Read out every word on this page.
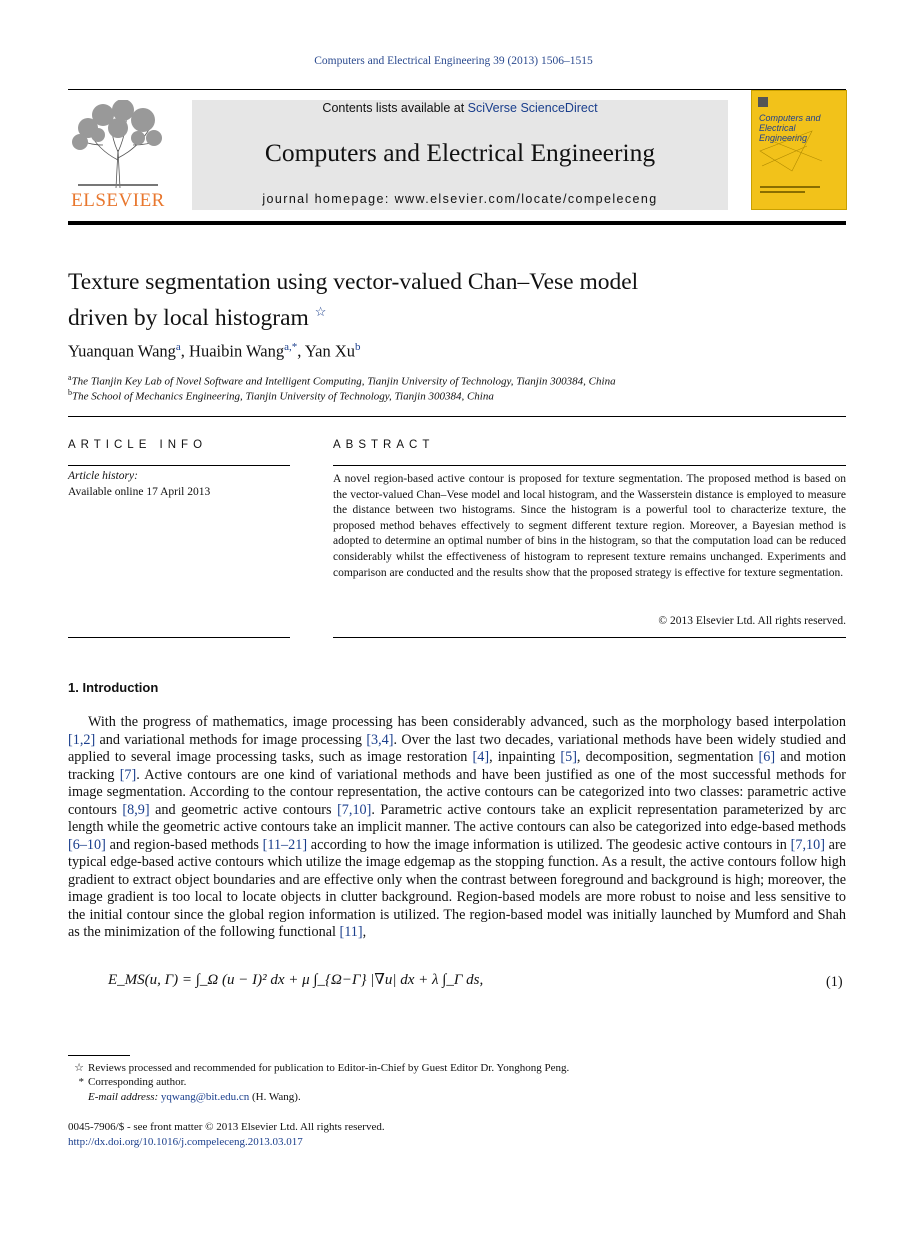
Computers and Electrical Engineering 39 (2013) 1506–1515
ELSEVIER
Contents lists available at SciVerse ScienceDirect
Computers and Electrical Engineering
journal homepage: www.elsevier.com/locate/compeleceng
Computers and
Electrical Engineering
Texture segmentation using vector-valued Chan–Vese model
driven by local histogram ☆
Yuanquan Wang$^a$, Huaibin Wang$^{a,*}$, Yan Xu$^b$
$^a$The Tianjin Key Lab of Novel Software and Intelligent Computing, Tianjin University of Technology, Tianjin 300384, China
$^b$The School of Mechanics Engineering, Tianjin University of Technology, Tianjin 300384, China
ARTICLE INFO
Article history:
Available online 17 April 2013
ABSTRACT
A novel region-based active contour is proposed for texture segmentation. The proposed method is based on the vector-valued Chan–Vese model and local histogram, and the Wasserstein distance is employed to measure the distance between two histograms. Since the histogram is a powerful tool to characterize texture, the proposed method behaves effectively to segment different texture region. Moreover, a Bayesian method is adopted to determine an optimal number of bins in the histogram, so that the computation load can be reduced considerably whilst the effectiveness of histogram to represent texture remains unchanged. Experiments and comparison are conducted and the results show that the proposed strategy is effective for texture segmentation.
© 2013 Elsevier Ltd. All rights reserved.
1. Introduction

With the progress of mathematics, image processing has been considerably advanced, such as the morphology based interpolation [1,2] and variational methods for image processing [3,4]. Over the last two decades, variational methods have been widely studied and applied to several image processing tasks, such as image restoration [4], inpainting [5], decomposition, segmentation [6] and motion tracking [7]. Active contours are one kind of variational methods and have been justified as one of the most successful methods for image segmentation. According to the contour representation, the active contours can be categorized into two classes: parametric active contours [8,9] and geometric active contours [7,10]. Parametric active contours take an explicit representation parameterized by arc length while the geometric active contours take an implicit manner. The active contours can also be categorized into edge-based methods [6–10] and region-based methods [11–21] according to how the image information is utilized. The geodesic active contours in [7,10] are typical edge-based active contours which utilize the image edgemap as the stopping function. As a result, the active contours follow high gradient to extract object boundaries and are effective only when the contrast between foreground and background is high; moreover, the image gradient is too local to locate objects in clutter background. Region-based models are more robust to noise and less sensitive to the initial contour since the global region information is utilized. The region-based model was initially launched by Mumford and Shah as the minimization of the following functional [11],

E_MS(u, Γ) = ∫_Ω (u − I)² dx + μ ∫_{Ω−Γ} |∇u| dx + λ ∫_Γ ds,	(1)
☆ Reviews processed and recommended for publication to Editor-in-Chief by Guest Editor Dr. Yonghong Peng.
* Corresponding author.
E-mail address: yqwang@bit.edu.cn (H. Wang).
0045-7906/$ - see front matter © 2013 Elsevier Ltd. All rights reserved.
http://dx.doi.org/10.1016/j.compeleceng.2013.03.017
